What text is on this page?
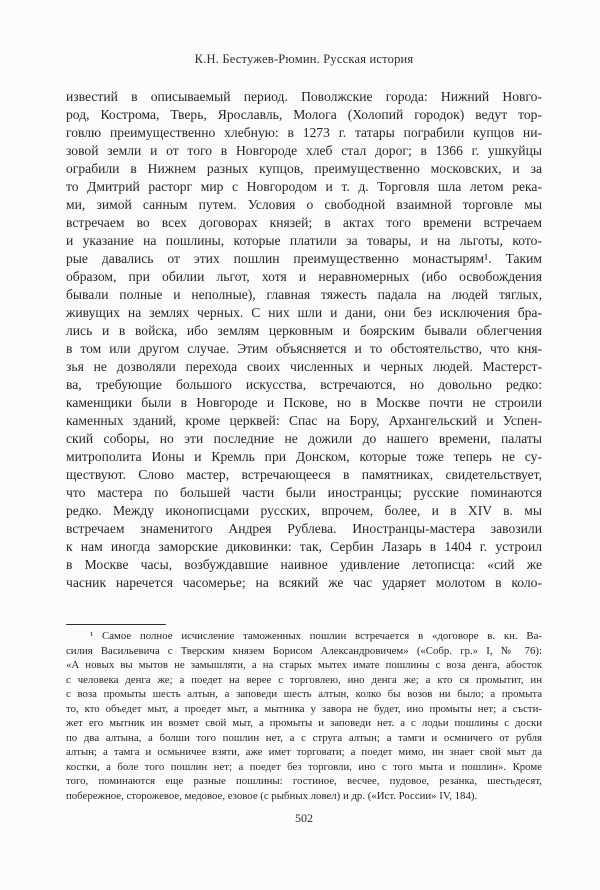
К.Н. Бестужев-Рюмин. Русская история
известий в описываемый период. Поволжские города: Нижний Новго-
род, Кострома, Тверь, Ярославль, Молога (Холопий городок) ведут тор-
говлю преимущественно хлебную: в 1273 г. татары пограбили купцов ни-
зовой земли и от того в Новгороде хлеб стал дорог; в 1366 г. ушкуйцы
ограбили в Нижнем разных купцов, преимущественно московских, и за
то Дмитрий расторг мир с Новгородом и т. д. Торговля шла летом река-
ми, зимой санным путем. Условия о свободной взаимной торговле мы
встречаем во всех договорах князей; в актах того времени встречаем
и указание на пошлины, которые платили за товары, и на льготы, кото-
рые давались от этих пошлин преимущественно монастырям¹. Таким
образом, при обилии льгот, хотя и неравномерных (ибо освобождения
бывали полные и неполные), главная тяжесть падала на людей тяглых,
живущих на землях черных. С них шли и дани, они без исключения бра-
лись и в войска, ибо землям церковным и боярским бывали облегчения
в том или другом случае. Этим объясняется и то обстоятельство, что кня-
зья не дозволяли перехода своих численных и черных людей. Мастерст-
ва, требующие большого искусства, встречаются, но довольно редко:
каменщики были в Новгороде и Пскове, но в Москве почти не строили
каменных зданий, кроме церквей: Спас на Бору, Архангельский и Успен-
ский соборы, но эти последние не дожили до нашего времени, палаты
митрополита Ионы и Кремль при Донском, которые тоже теперь не су-
ществуют. Слово мастер, встречающееся в памятниках, свидетельствует,
что мастера по большей части были иностранцы; русские поминаются
редко. Между иконописцами русских, впрочем, более, и в XIV в. мы
встречаем знаменитого Андрея Рублева. Иностранцы-мастера завозили
к нам иногда заморские диковинки: так, Сербин Лазарь в 1404 г. устроил
в Москве часы, возбуждавшие наивное удивление летописца: «сий же
часник наречется часомерье; на всякий же час ударяет молотом в коло-
¹ Самое полное исчисление таможенных пошлин встречается в «договоре в. кн. Ва-
силия Васильевича с Тверским князем Борисом Александровичем» («Собр. гр.» I, № 76):
«А новых вы мытов не замышляти, а на старых мытех имате пошлины с воза денга, абосток
с человека денга же; а поедет на верее с торговлею, ино денга же; а кто ся промытит, ин
с воза промыты шесть алтын, а заповеди шесть алтын, колко бы возов ни было; а промыта
то, кто объедет мыт, а проедет мыт, а мытника у завора не будет, ино промыты нет; а състи-
жет его мытник ин возмет свой мыт, а промыты и заповеди нет. а с лодьи пошлины с доски
по два алтына, а болши того пошлин нет, а с струга алтын; а тамги и осмничего от рубля
алтын; а тамга и осмьничее взяти, аже имет торговати; а поедет мимо, ин знает свой мыт да
костки, а боле того пошлин нет; а поедет без торговли, ино с того мыта и пошлин». Кроме
того, поминаются еще разные пошлины: гостиное, весчее, пудовое, резанка, шестьдесят,
побережное, сторожевое, медовое, езовое (с рыбных ловел) и др. («Ист. России» IV, 184).
502
